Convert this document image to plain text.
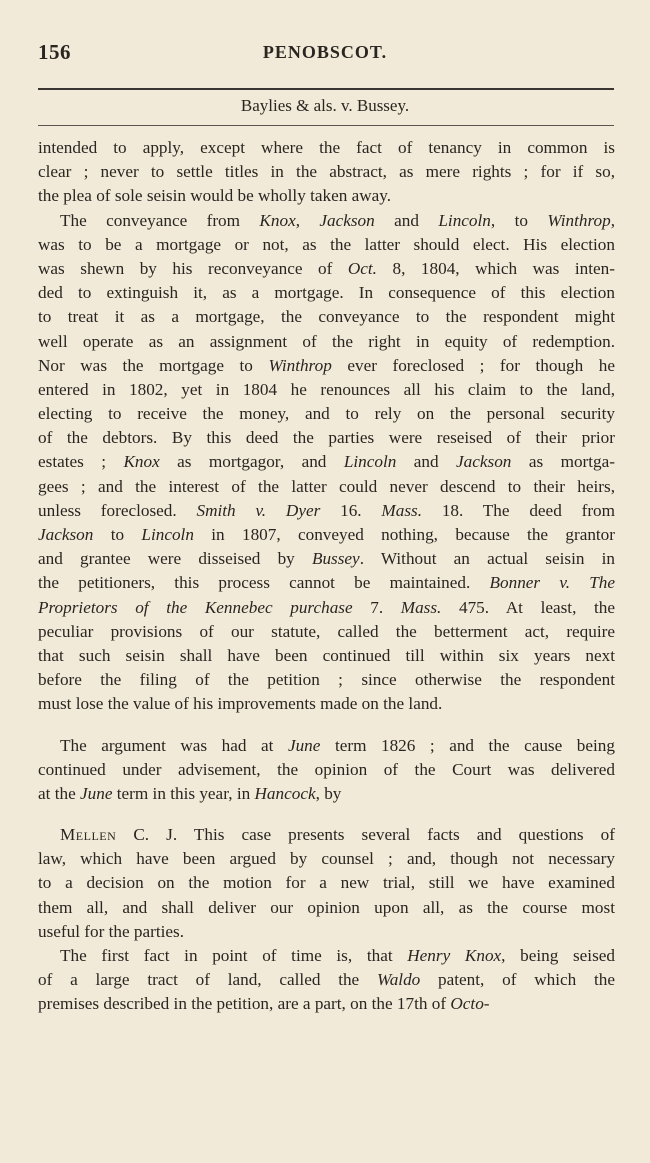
156	PENOBSCOT.
Baylies & als. v. Bussey.
intended to apply, except where the fact of tenancy in common is
clear ; never to settle titles in the abstract, as mere rights ; for if so,
the plea of sole seisin would be wholly taken away.
The conveyance from Knox, Jackson and Lincoln, to Winthrop,
was to be a mortgage or not, as the latter should elect. His election
was shewn by his reconveyance of Oct. 8, 1804, which was inten-
ded to extinguish it, as a mortgage. In consequence of this election
to treat it as a mortgage, the conveyance to the respondent might
well operate as an assignment of the right in equity of redemption.
Nor was the mortgage to Winthrop ever foreclosed ; for though he
entered in 1802, yet in 1804 he renounces all his claim to the land,
electing to receive the money, and to rely on the personal security
of the debtors. By this deed the parties were reseised of their prior
estates ; Knox as mortgagor, and Lincoln and Jackson as mortga-
gees ; and the interest of the latter could never descend to their heirs,
unless foreclosed. Smith v. Dyer 16. Mass. 18. The deed from
Jackson to Lincoln in 1807, conveyed nothing, because the grantor
and grantee were disseised by Bussey. Without an actual seisin in
the petitioners, this process cannot be maintained. Bonner v. The
Proprietors of the Kennebec purchase 7. Mass. 475. At least, the
peculiar provisions of our statute, called the betterment act, require
that such seisin shall have been continued till within six years next
before the filing of the petition ; since otherwise the respondent
must lose the value of his improvements made on the land.
The argument was had at June term 1826 ; and the cause being
continued under advisement, the opinion of the Court was delivered
at the June term in this year, in Hancock, by
Mellen C. J. This case presents several facts and questions of
law, which have been argued by counsel ; and, though not necessary
to a decision on the motion for a new trial, still we have examined
them all, and shall deliver our opinion upon all, as the course most
useful for the parties.
The first fact in point of time is, that Henry Knox, being seised
of a large tract of land, called the Waldo patent, of which the
premises described in the petition, are a part, on the 17th of Octo-
